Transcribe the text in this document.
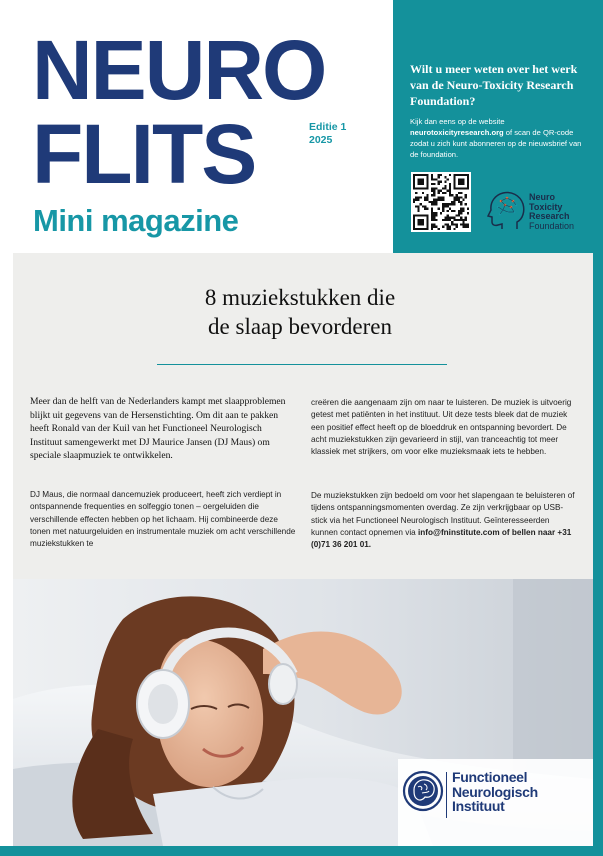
NEURO
FLITS
Mini magazine
Editie 1
2025
Wilt u meer weten over het werk van de Neuro-Toxicity Research Foundation?
Kijk dan eens op de website neurotoxicityresearch.org of scan de QR-code zodat u zich kunt abonneren op de nieuwsbrief van de foundation.
Neuro
Toxicity
Research
Foundation
8 muziekstukken die
de slaap bevorderen
Meer dan de helft van de Nederlanders kampt met slaapproblemen blijkt uit gegevens van de Hersenstichting. Om dit aan te pakken heeft Ronald van der Kuil van het Functioneel Neurologisch Instituut samengewerkt met DJ Maurice Jansen (DJ Maus) om speciale slaapmuziek te ontwikkelen.
DJ Maus, die normaal dancemuziek produceert, heeft zich verdiept in ontspannende frequenties en solfeggio tonen – oergeluiden die verschillende effecten hebben op het lichaam. Hij combineerde deze tonen met natuurgeluiden en instrumentale muziek om acht verschillende muziekstukken te
creëren die aangenaam zijn om naar te luisteren. De muziek is uitvoerig getest met patiënten in het instituut. Uit deze tests bleek dat de muziek een positief effect heeft op de bloeddruk en ontspanning bevordert. De acht muziekstukken zijn gevarieerd in stijl, van tranceachtig tot meer klassiek met strijkers, om voor elke muzieksmaak iets te hebben.
De muziekstukken zijn bedoeld om voor het slapengaan te beluisteren of tijdens ontspanningsmomenten overdag. Ze zijn verkrijgbaar op USB-stick via het Functioneel Neurologisch Instituut. Geïnteresseerden kunnen contact opnemen via info@fninstitute.com of bellen naar +31 (0)71 36 201 01.
Functioneel
Neurologisch
Instituut
